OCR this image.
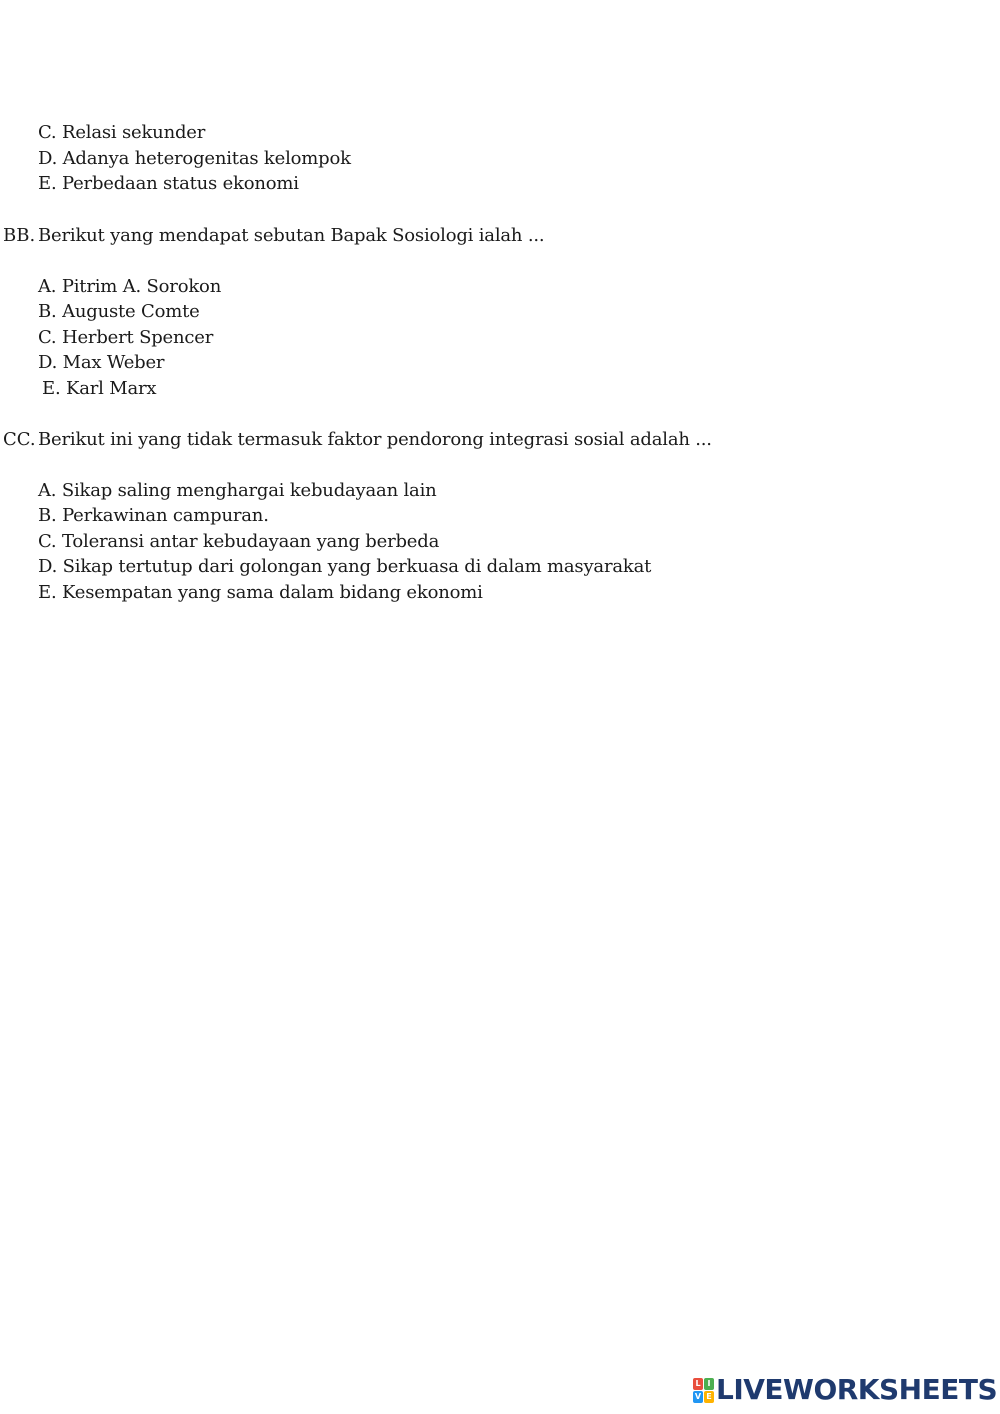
C. Relasi sekunder
D. Adanya heterogenitas kelompok
E. Perbedaan status ekonomi
BB. Berikut yang mendapat sebutan Bapak Sosiologi ialah ...
A. Pitrim A. Sorokon
B. Auguste Comte
C. Herbert Spencer
D. Max Weber
E. Karl Marx
CC. Berikut ini yang tidak termasuk faktor pendorong integrasi sosial adalah ...
A. Sikap saling menghargai kebudayaan lain
B. Perkawinan campuran.
C. Toleransi antar kebudayaan yang berbeda
D. Sikap tertutup dari golongan yang berkuasa di dalam masyarakat
E. Kesempatan yang sama dalam bidang ekonomi
L I
V E LIVEWORKSHEETS
